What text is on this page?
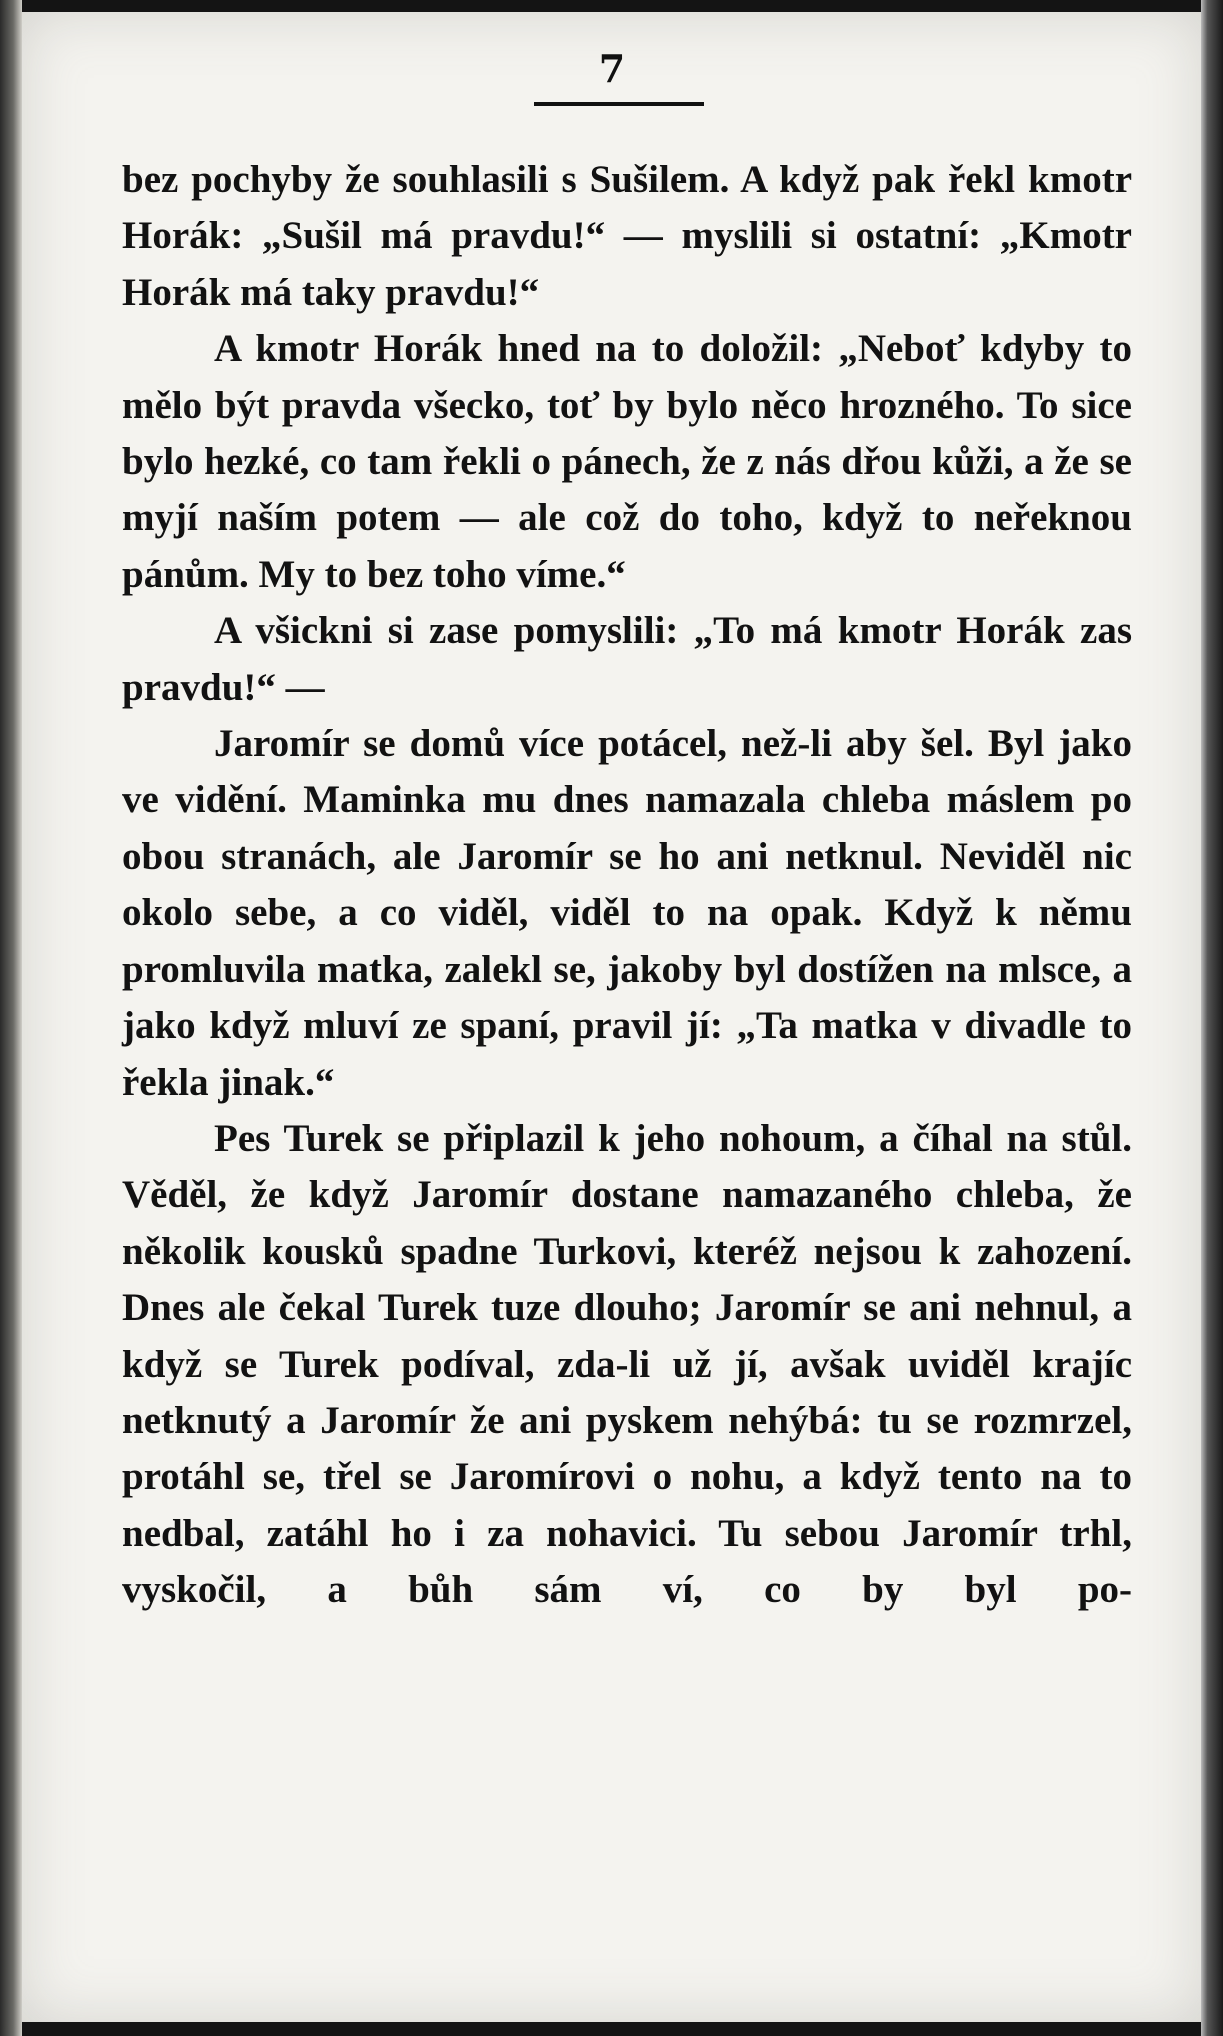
7

bez pochyby že souhlasili s Sušilem. A když pak řekl kmotr Horák: „Sušil má pravdu!“ — myslili si ostatní: „Kmotr Horák má taky pravdu!“

A kmotr Horák hned na to doložil: „Neboť kdyby to mělo být pravda všecko, toť by bylo něco hrozného. To sice bylo hezké, co tam řekli o pánech, že z nás dřou kůži, a že se myjí naším potem — ale což do toho, když to neřeknou pánům. My to bez toho víme.“

A všickni si zase pomyslili: „To má kmotr Horák zas pravdu!“ —

Jaromír se domů více potácel, než-li aby šel. Byl jako ve vidění. Maminka mu dnes namazala chleba máslem po obou stranách, ale Jaromír se ho ani netknul. Neviděl nic okolo sebe, a co viděl, viděl to na opak. Když k němu promluvila matka, zalekl se, jakoby byl dostížen na mlsce, a jako když mluví ze spaní, pravil jí: „Ta matka v divadle to řekla jinak.“

Pes Turek se připlazil k jeho nohoum, a číhal na stůl. Věděl, že když Jaromír dostane namazaného chleba, že několik kousků spadne Turkovi, kteréž nejsou k zahození. Dnes ale čekal Turek tuze dlouho; Jaromír se ani nehnul, a když se Turek podíval, zda-li už jí, avšak uviděl krajíc netknutý a Jaromír že ani pyskem nehýbá: tu se rozmrzel, protáhl se, třel se Jaromírovi o nohu, a když tento na to nedbal, zatáhl ho i za nohavici. Tu sebou Jaromír trhl, vyskočil, a bůh sám ví, co by byl po-
